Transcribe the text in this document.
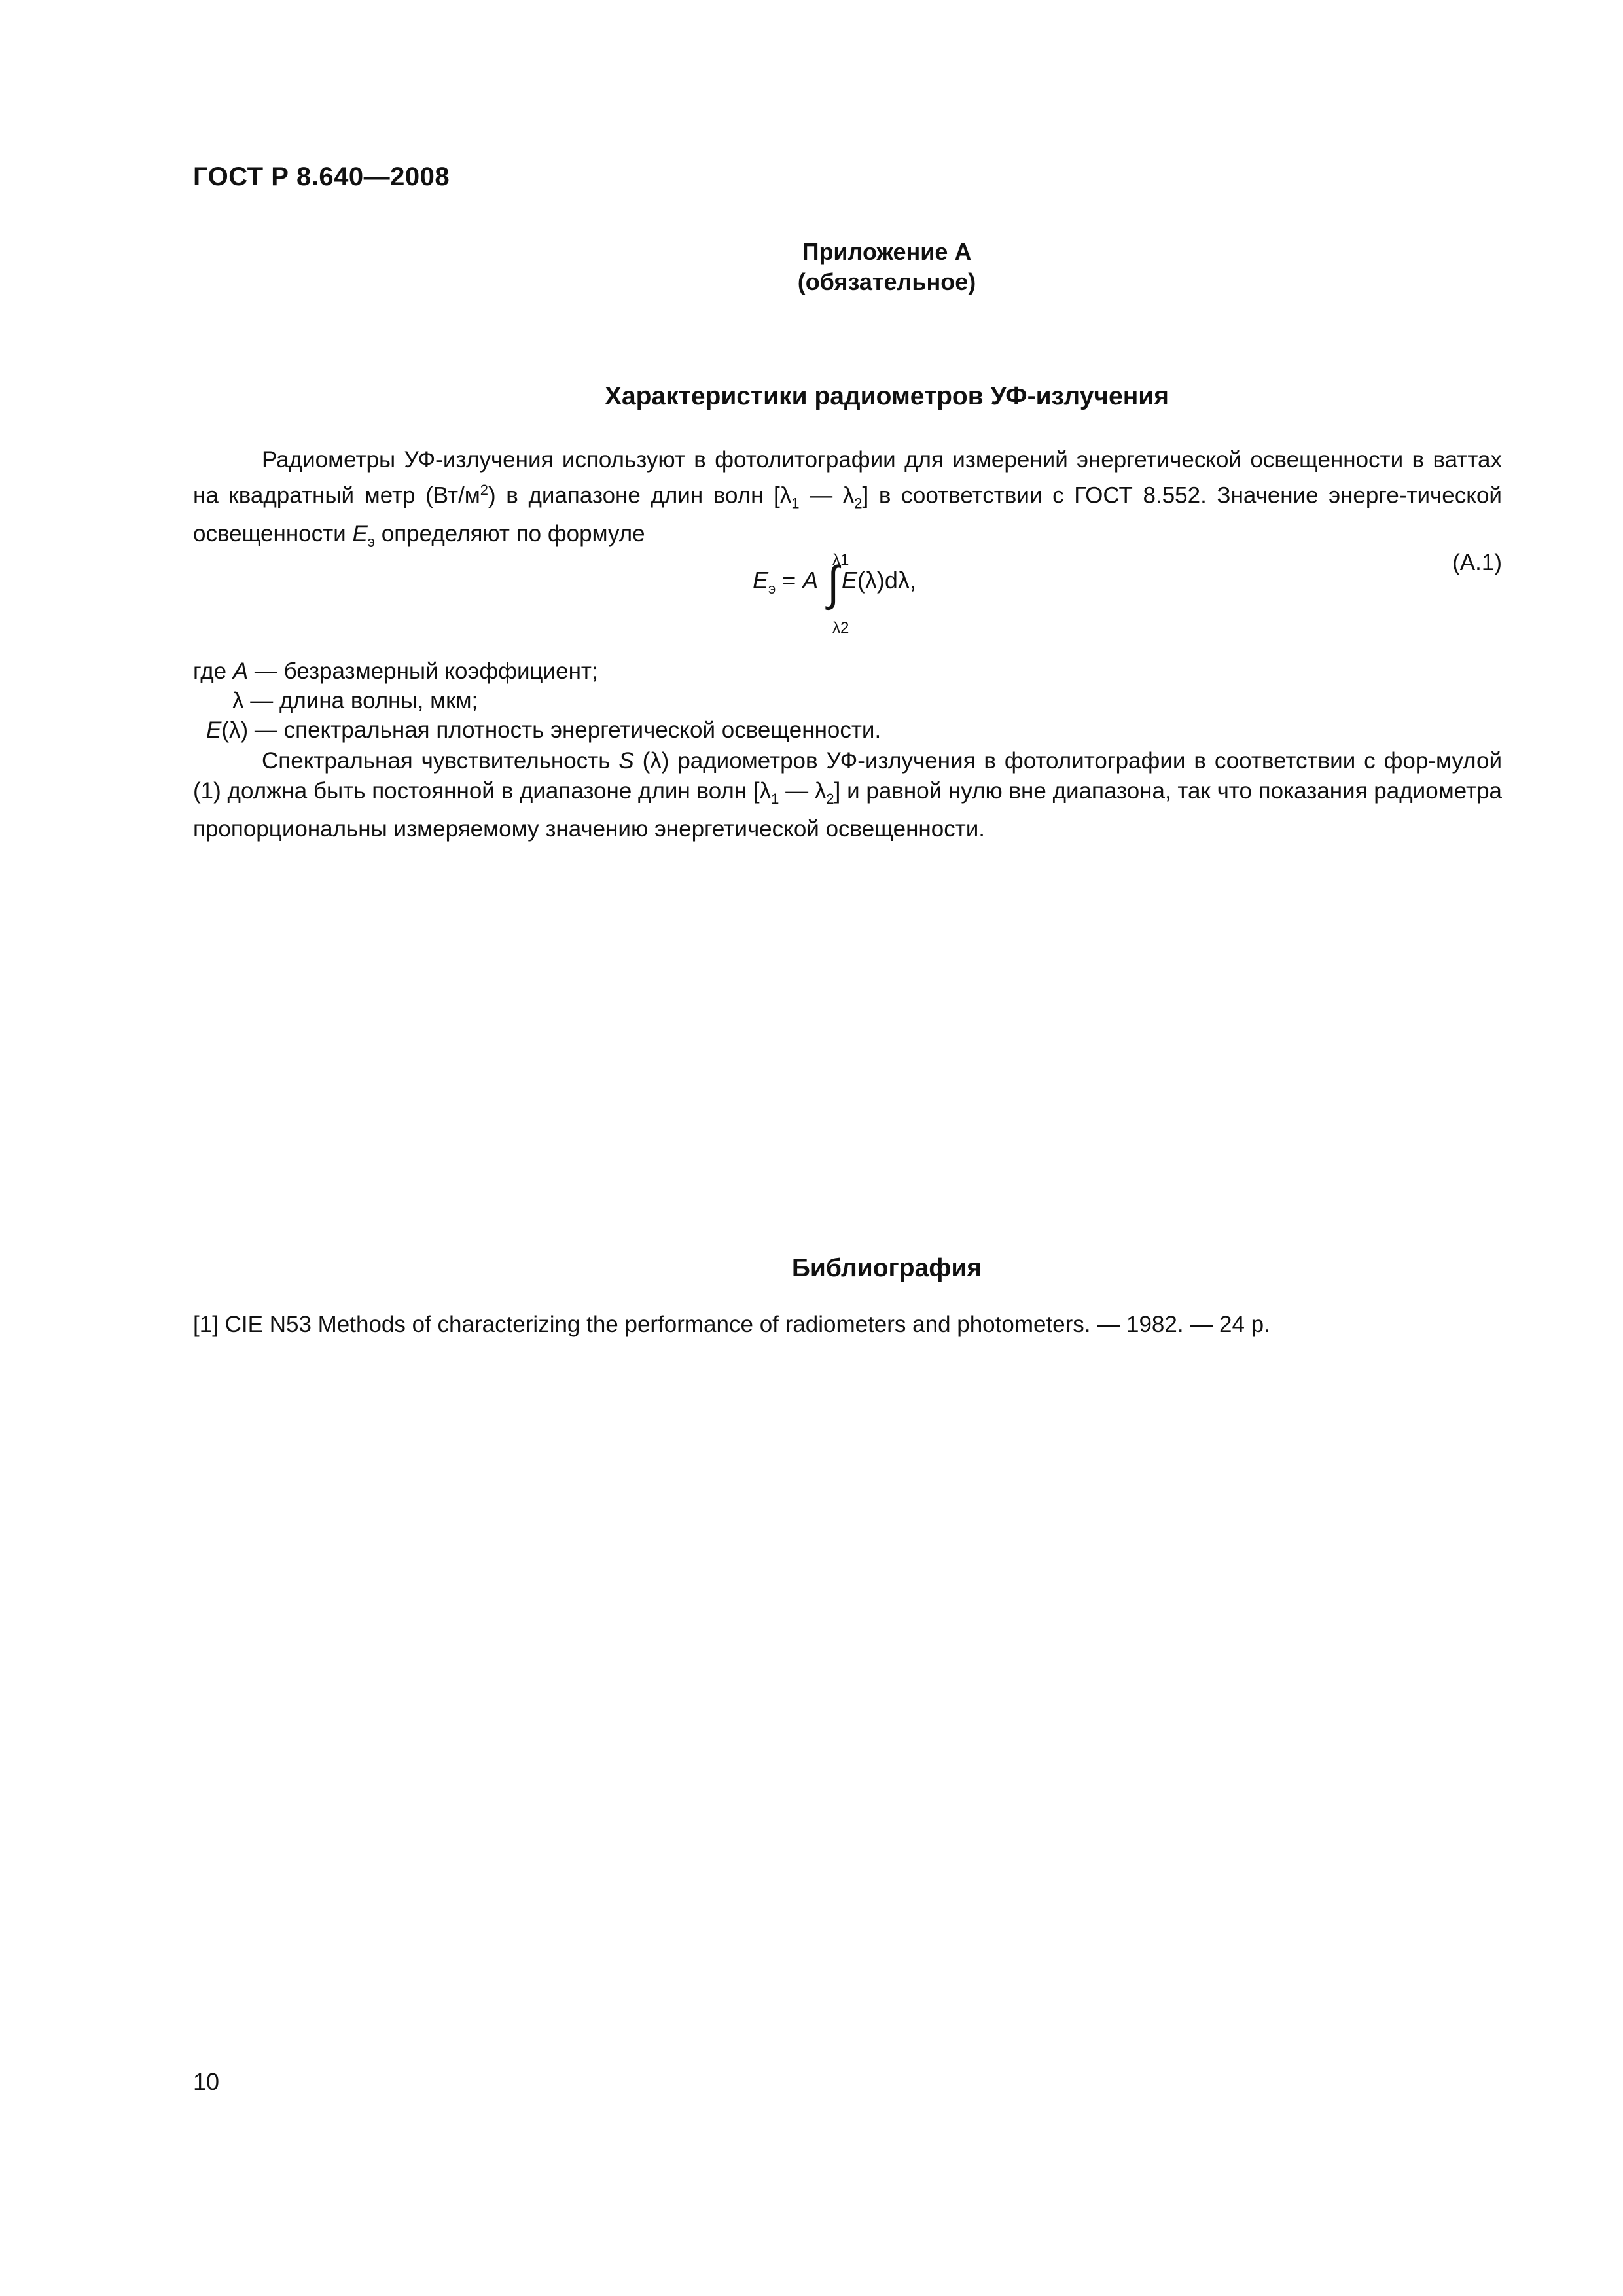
ГОСТ Р 8.640—2008
Приложение А
(обязательное)
Характеристики радиометров УФ-излучения
Радиометры УФ-излучения используют в фотолитографии для измерений энергетической освещенности в ваттах на квадратный метр $(Вт/м^2)$ в диапазоне длин волн [$\lambda_1$ — $\lambda_2$] в соответствии с ГОСТ 8.552. Значение энерге-тической освещенности $E_э$ определяют по формуле
$E_э = A$
λ1
∫ E(λ)dλ,
λ2
(А.1)
где A — безразмерный коэффициент;
λ — длина волны, мкм;
E(λ) — спектральная плотность энергетической освещенности.
Спектральная чувствительность S (λ) радиометров УФ-излучения в фотолитографии в соответствии с фор-мулой (1) должна быть постоянной в диапазоне длин волн [$\lambda_1$ — $\lambda_2$] и равной нулю вне диапазона, так что показания радиометра пропорциональны измеряемому значению энергетической освещенности.
Библиография
[1] CIE N53 Methods of characterizing the performance of radiometers and photometers. — 1982. — 24 p.
10
